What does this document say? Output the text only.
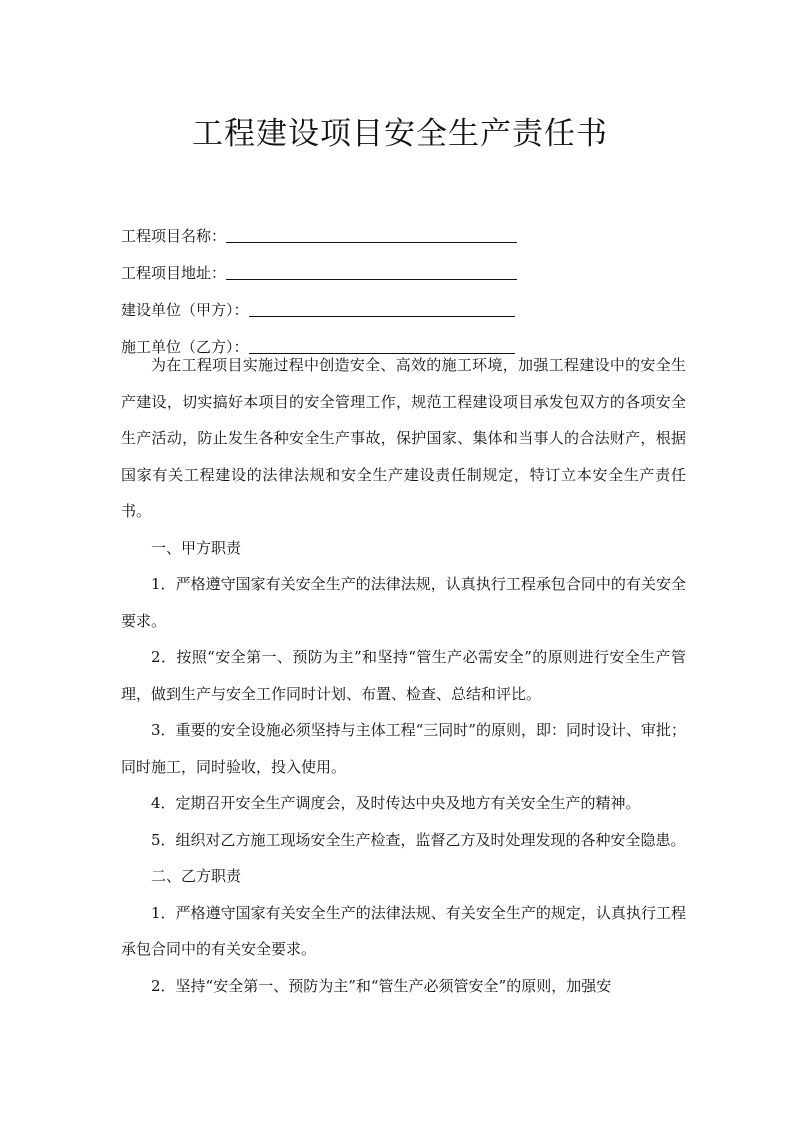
工程建设项目安全生产责任书
工程项目名称：
工程项目地址：
建设单位（甲方）：
施工单位（乙方）：

为在工程项目实施过程中创造安全、高效的施工环境，加强工程建设中的安全生产建设，切实搞好本项目的安全管理工作，规范工程建设项目承发包双方的各项安全生产活动，防止发生各种安全生产事故，保护国家、集体和当事人的合法财产，根据国家有关工程建设的法律法规和安全生产建设责任制规定，特订立本安全生产责任书。

一、甲方职责

1．严格遵守国家有关安全生产的法律法规，认真执行工程承包合同中的有关安全要求。

2．按照“安全第一、预防为主”和坚持“管生产必需安全”的原则进行安全生产管理，做到生产与安全工作同时计划、布置、检查、总结和评比。

3．重要的安全设施必须坚持与主体工程“三同时”的原则，即：同时设计、审批；同时施工，同时验收，投入使用。

4．定期召开安全生产调度会，及时传达中央及地方有关安全生产的精神。

5．组织对乙方施工现场安全生产检查，监督乙方及时处理发现的各种安全隐患。

二、乙方职责

1．严格遵守国家有关安全生产的法律法规、有关安全生产的规定，认真执行工程承包合同中的有关安全要求。

2．坚持“安全第一、预防为主”和“管生产必须管安全”的原则，加强安
